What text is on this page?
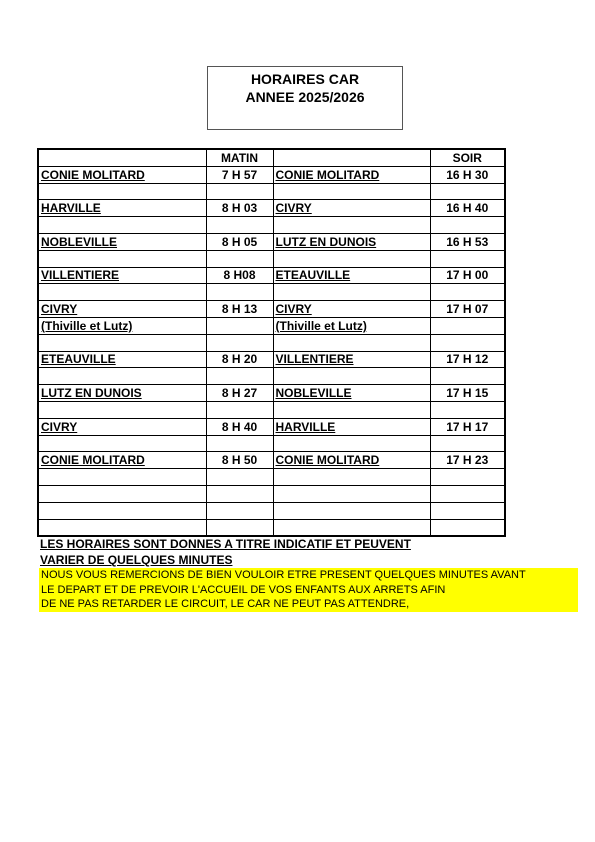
HORAIRES CAR
ANNEE 2025/2026
	MATIN		SOIR
CONIE MOLITARD	7 H 57	CONIE MOLITARD	16 H 30

HARVILLE	8 H 03	CIVRY	16 H 40

NOBLEVILLE	8 H 05	LUTZ EN DUNOIS	16 H 53

VILLENTIERE	8 H08	ETEAUVILLE	17 H 00

CIVRY	8 H 13	CIVRY	17 H 07
(Thiville et Lutz)		(Thiville et Lutz)	

ETEAUVILLE	8 H 20	VILLENTIERE	17 H 12

LUTZ EN DUNOIS	8 H 27	NOBLEVILLE	17 H 15

CIVRY	8 H 40	HARVILLE	17 H 17

CONIE MOLITARD	8 H 50	CONIE MOLITARD	17 H 23

LES HORAIRES SONT DONNES A TITRE INDICATIF ET PEUVENT
VARIER DE QUELQUES MINUTES
NOUS VOUS REMERCIONS DE BIEN VOULOIR ETRE PRESENT QUELQUES MINUTES AVANT
LE DEPART ET DE PREVOIR L'ACCUEIL DE VOS ENFANTS AUX ARRETS AFIN
DE NE PAS RETARDER LE CIRCUIT, LE CAR NE PEUT PAS ATTENDRE,
